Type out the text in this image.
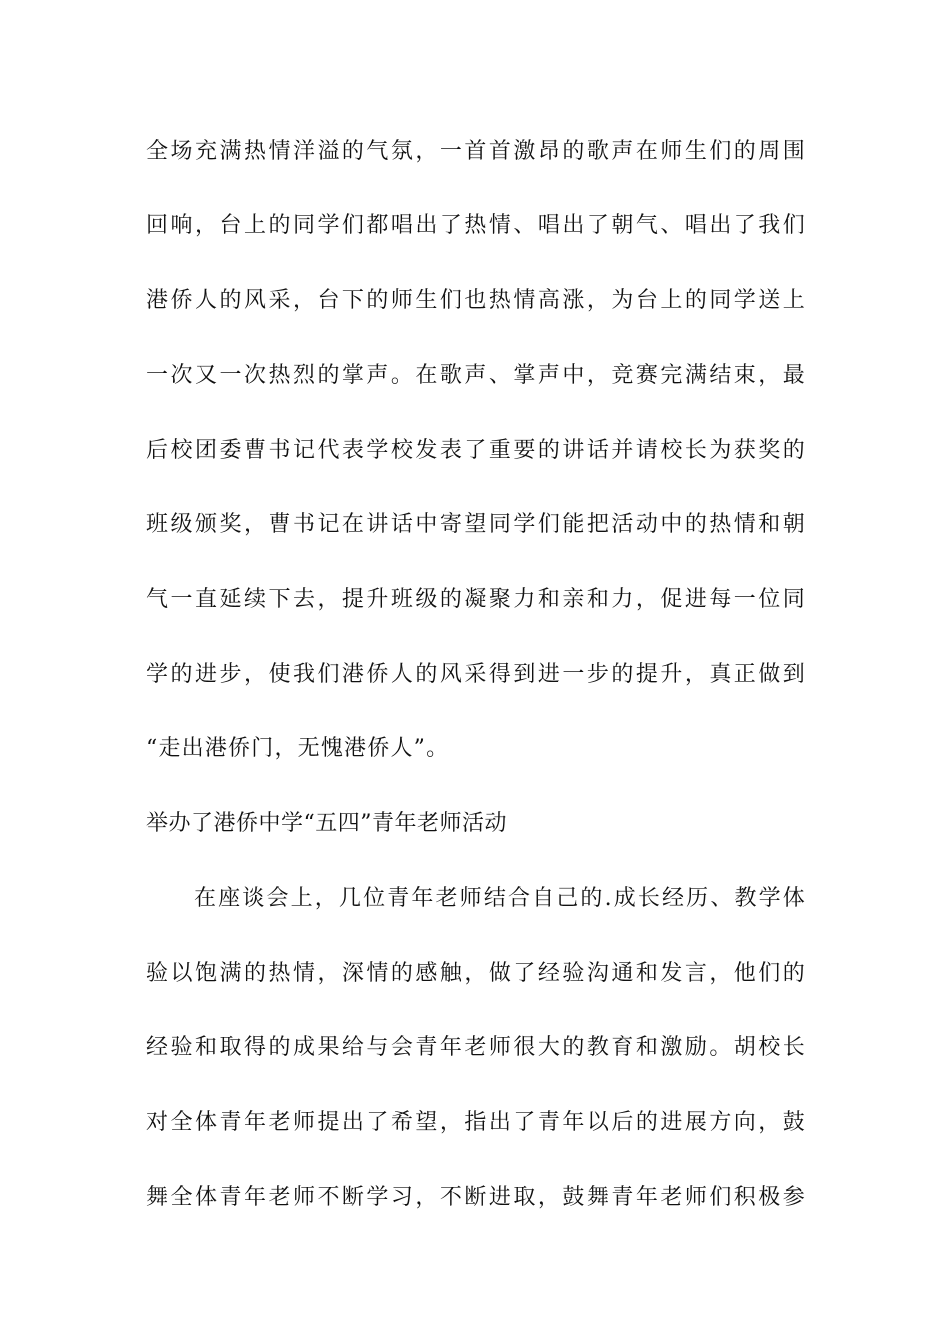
全场充满热情洋溢的气氛，一首首激昂的歌声在师生们的周围
回响，台上的同学们都唱出了热情、唱出了朝气、唱出了我们
港侨人的风采，台下的师生们也热情高涨，为台上的同学送上
一次又一次热烈的掌声。在歌声、掌声中，竞赛完满结束，最
后校团委曹书记代表学校发表了重要的讲话并请校长为获奖的
班级颁奖，曹书记在讲话中寄望同学们能把活动中的热情和朝
气一直延续下去，提升班级的凝聚力和亲和力，促进每一位同
学的进步，使我们港侨人的风采得到进一步的提升，真正做到
“走出港侨门，无愧港侨人”。
举办了港侨中学“五四”青年老师活动
在座谈会上，几位青年老师结合自己的.成长经历、教学体
验以饱满的热情，深情的感触，做了经验沟通和发言，他们的
经验和取得的成果给与会青年老师很大的教育和激励。胡校长
对全体青年老师提出了希望，指出了青年以后的进展方向，鼓
舞全体青年老师不断学习，不断进取，鼓舞青年老师们积极参
